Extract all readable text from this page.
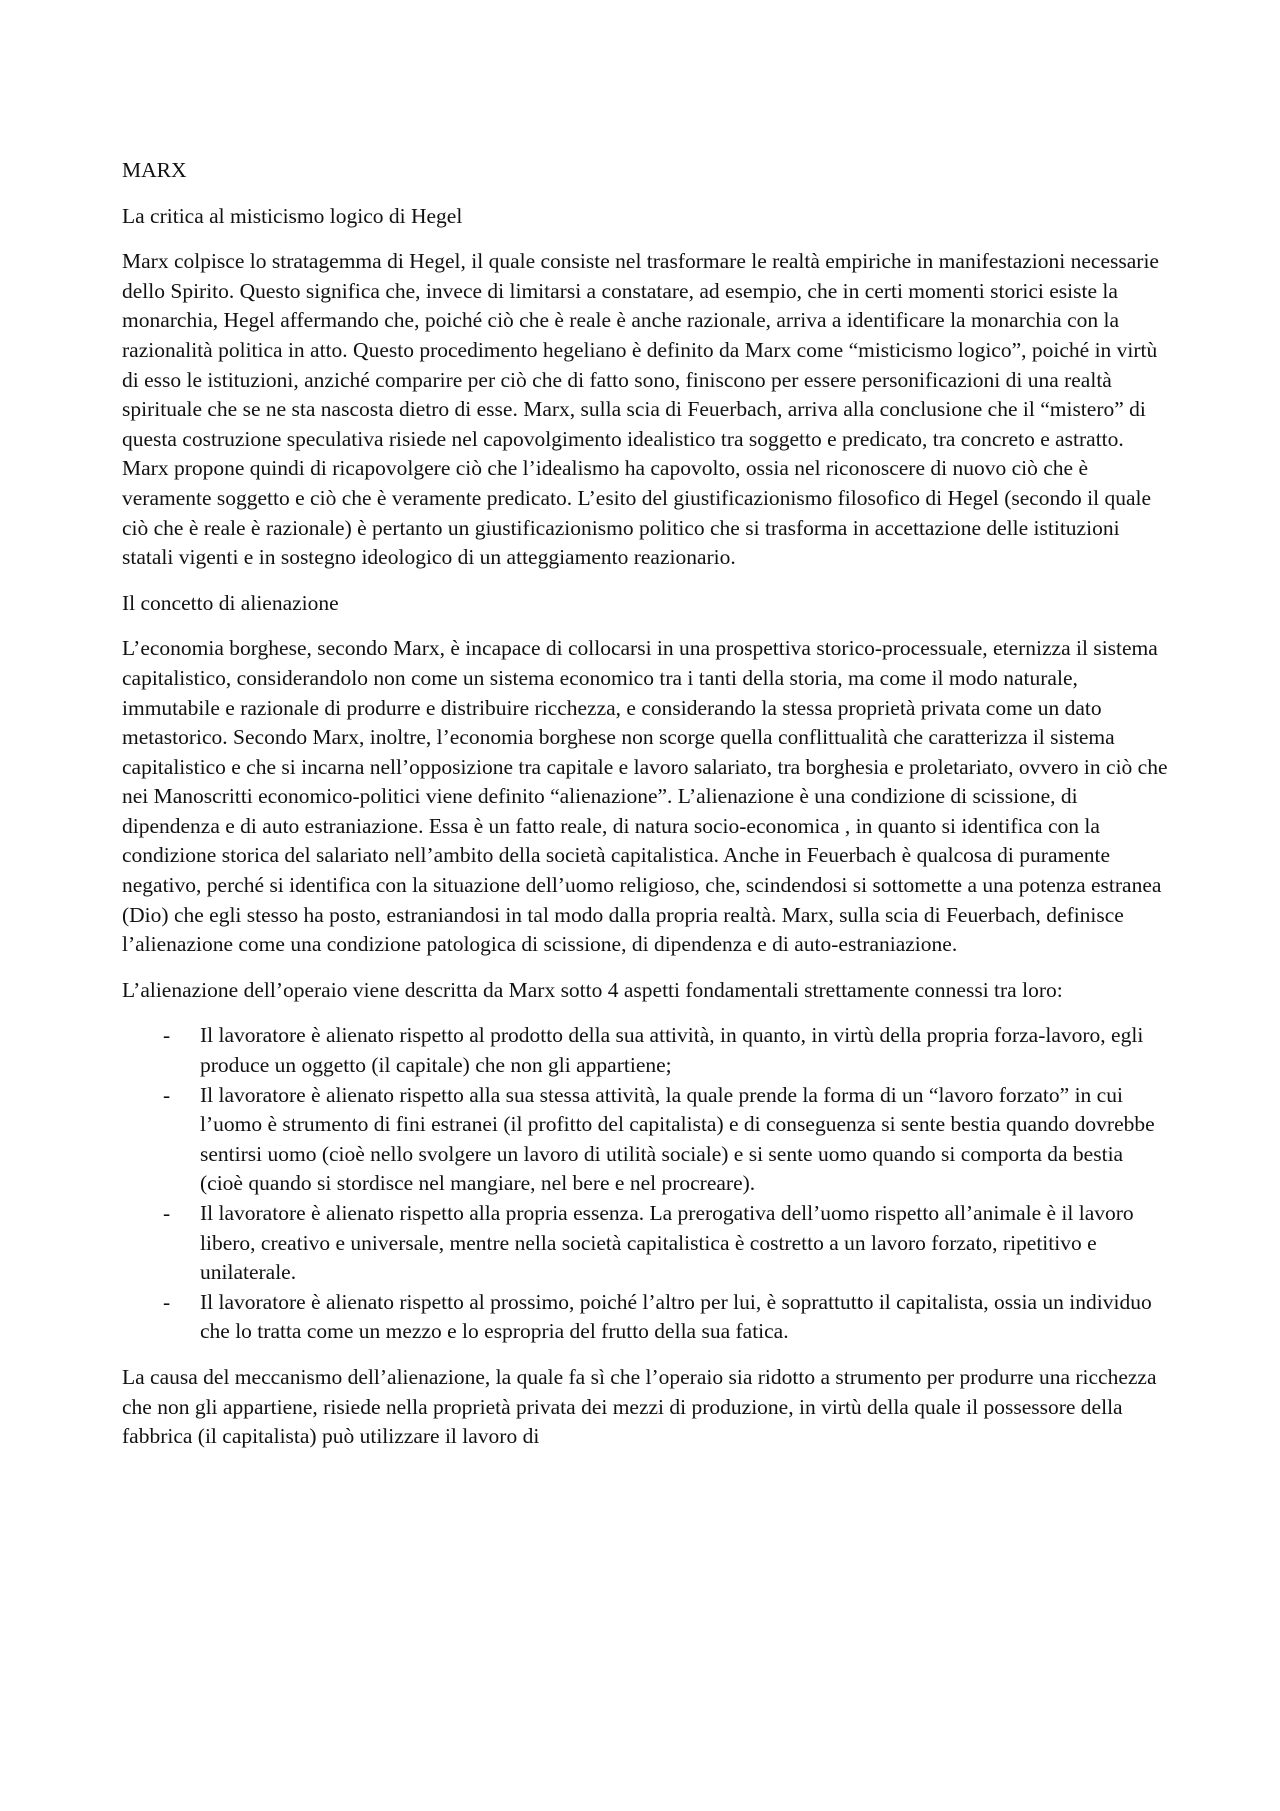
MARX

La critica al misticismo logico di Hegel

Marx colpisce lo stratagemma di Hegel, il quale consiste nel trasformare le realtà empiriche in manifestazioni necessarie dello Spirito. Questo significa che, invece di limitarsi a constatare, ad esempio, che in certi momenti storici esiste la monarchia, Hegel affermando che, poiché ciò che è reale è anche razionale, arriva a identificare la monarchia con la razionalità politica in atto. Questo procedimento hegeliano è definito da Marx come “misticismo logico”, poiché in virtù di esso le istituzioni, anziché comparire per ciò che di fatto sono, finiscono per essere personificazioni di una realtà spirituale che se ne sta nascosta dietro di esse. Marx, sulla scia di Feuerbach, arriva alla conclusione che il “mistero” di questa costruzione speculativa risiede nel capovolgimento idealistico tra soggetto e predicato, tra concreto e astratto. Marx propone quindi di ricapovolgere ciò che l’idealismo ha capovolto, ossia nel riconoscere di nuovo ciò che è veramente soggetto e ciò che è veramente predicato. L’esito del giustificazionismo filosofico di Hegel (secondo il quale ciò che è reale è razionale) è pertanto un giustificazionismo politico che si trasforma in accettazione delle istituzioni statali vigenti e in sostegno ideologico di un atteggiamento reazionario.

Il concetto di alienazione

L’economia borghese, secondo Marx, è incapace di collocarsi in una prospettiva storico-processuale, eternizza il sistema capitalistico, considerandolo non come un sistema economico tra i tanti della storia, ma come il modo naturale, immutabile e razionale di produrre e distribuire ricchezza, e considerando la stessa proprietà privata come un dato metastorico. Secondo Marx, inoltre, l’economia borghese non scorge quella conflittualità che caratterizza il sistema capitalistico e che si incarna nell’opposizione tra capitale e lavoro salariato, tra borghesia e proletariato, ovvero in ciò che nei Manoscritti economico-politici viene definito “alienazione”. L’alienazione è una condizione di scissione, di dipendenza e di auto estraniazione. Essa è un fatto reale, di natura socio-economica , in quanto si identifica con la condizione storica del salariato nell’ambito della società capitalistica. Anche in Feuerbach è qualcosa di puramente negativo, perché si identifica con la situazione dell’uomo religioso, che, scindendosi si sottomette a una potenza estranea (Dio) che egli stesso ha posto, estraniandosi in tal modo dalla propria realtà. Marx, sulla scia di Feuerbach, definisce l’alienazione come una condizione patologica di scissione, di dipendenza e di auto-estraniazione.

L’alienazione dell’operaio viene descritta da Marx sotto 4 aspetti fondamentali strettamente connessi tra loro:

- Il lavoratore è alienato rispetto al prodotto della sua attività, in quanto, in virtù della propria forza-lavoro, egli produce un oggetto (il capitale) che non gli appartiene;
- Il lavoratore è alienato rispetto alla sua stessa attività, la quale prende la forma di un “lavoro forzato” in cui l’uomo è strumento di fini estranei (il profitto del capitalista) e di conseguenza si sente bestia quando dovrebbe sentirsi uomo (cioè nello svolgere un lavoro di utilità sociale) e si sente uomo quando si comporta da bestia (cioè quando si stordisce nel mangiare, nel bere e nel procreare).
- Il lavoratore è alienato rispetto alla propria essenza. La prerogativa dell’uomo rispetto all’animale è il lavoro libero, creativo e universale, mentre nella società capitalistica è costretto a un lavoro forzato, ripetitivo e unilaterale.
- Il lavoratore è alienato rispetto al prossimo, poiché l’altro per lui, è soprattutto il capitalista, ossia un individuo che lo tratta come un mezzo e lo espropria del frutto della sua fatica.

La causa del meccanismo dell’alienazione, la quale fa sì che l’operaio sia ridotto a strumento per produrre una ricchezza che non gli appartiene, risiede nella proprietà privata dei mezzi di produzione, in virtù della quale il possessore della fabbrica (il capitalista) può utilizzare il lavoro di
